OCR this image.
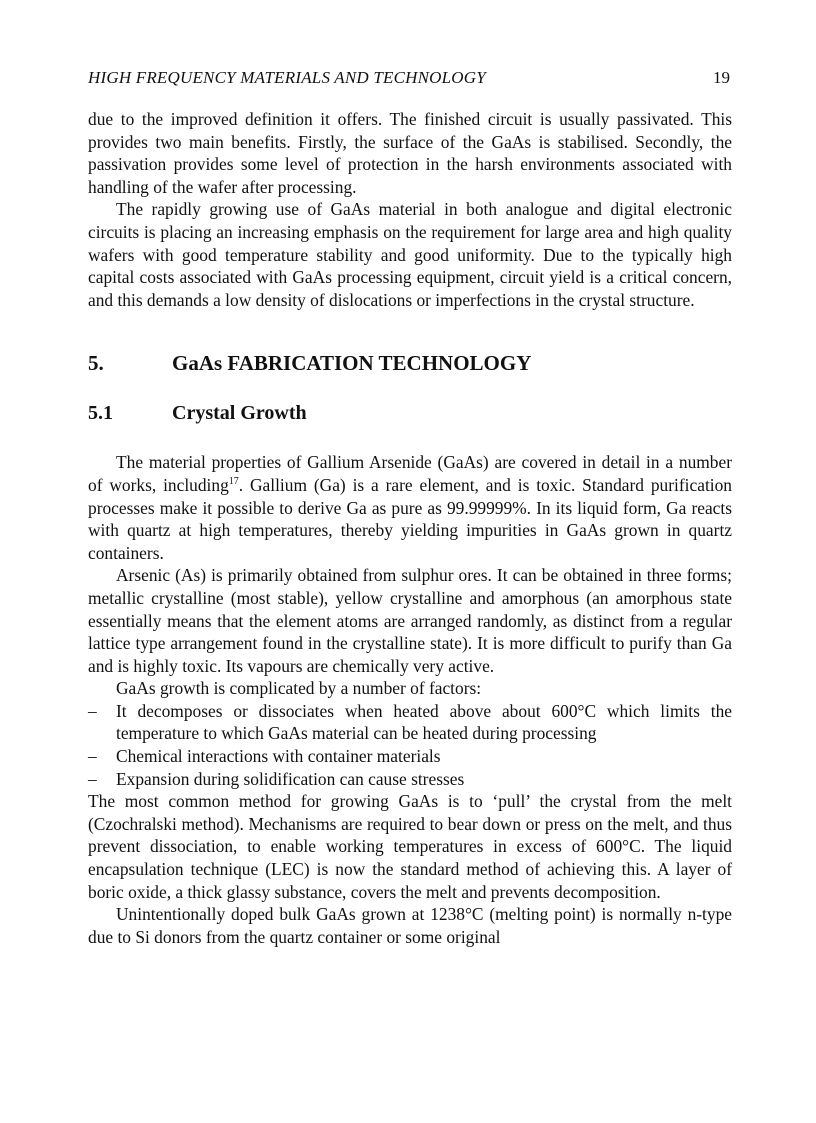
HIGH FREQUENCY MATERIALS AND TECHNOLOGY	19

due to the improved definition it offers. The finished circuit is usually passivated. This provides two main benefits. Firstly, the surface of the GaAs is stabilised. Secondly, the passivation provides some level of protection in the harsh environments associated with handling of the wafer after processing.

The rapidly growing use of GaAs material in both analogue and digital electronic circuits is placing an increasing emphasis on the requirement for large area and high quality wafers with good temperature stability and good uniformity. Due to the typically high capital costs associated with GaAs processing equipment, circuit yield is a critical concern, and this demands a low density of dislocations or imperfections in the crystal structure.

5.	GaAs FABRICATION TECHNOLOGY
5.1	Crystal Growth

The material properties of Gallium Arsenide (GaAs) are covered in detail in a number of works, including$^{17}$. Gallium (Ga) is a rare element, and is toxic. Standard purification processes make it possible to derive Ga as pure as 99.99999%. In its liquid form, Ga reacts with quartz at high temperatures, thereby yielding impurities in GaAs grown in quartz containers.

Arsenic (As) is primarily obtained from sulphur ores. It can be obtained in three forms; metallic crystalline (most stable), yellow crystalline and amorphous (an amorphous state essentially means that the element atoms are arranged randomly, as distinct from a regular lattice type arrangement found in the crystalline state). It is more difficult to purify than Ga and is highly toxic. Its vapours are chemically very active.

GaAs growth is complicated by a number of factors:

– It decomposes or dissociates when heated above about 600°C which limits the temperature to which GaAs material can be heated during processing
– Chemical interactions with container materials
– Expansion during solidification can cause stresses

The most common method for growing GaAs is to ‘pull’ the crystal from the melt (Czochralski method). Mechanisms are required to bear down or press on the melt, and thus prevent dissociation, to enable working temperatures in excess of 600°C. The liquid encapsulation technique (LEC) is now the standard method of achieving this. A layer of boric oxide, a thick glassy substance, covers the melt and prevents decomposition.

Unintentionally doped bulk GaAs grown at 1238°C (melting point) is normally n-type due to Si donors from the quartz container or some original
